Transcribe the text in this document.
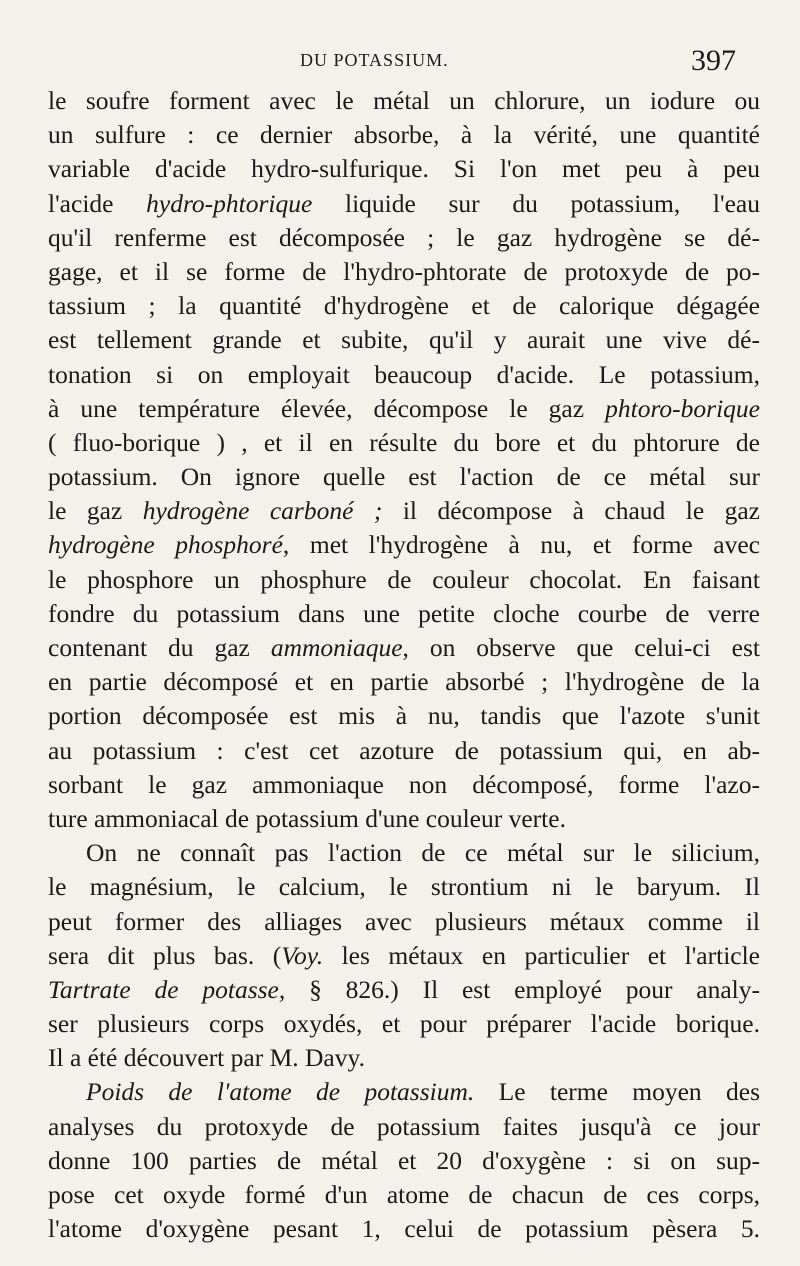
DU POTASSIUM.	397
le soufre forment avec le métal un chlorure, un iodure ou
un sulfure : ce dernier absorbe, à la vérité, une quantité
variable d'acide hydro-sulfurique. Si l'on met peu à peu
l'acide hydro-phtorique liquide sur du potassium, l'eau
qu'il renferme est décomposée ; le gaz hydrogène se dé-
gage, et il se forme de l'hydro-phtorate de protoxyde de po-
tassium ; la quantité d'hydrogène et de calorique dégagée
est tellement grande et subite, qu'il y aurait une vive dé-
tonation si on employait beaucoup d'acide. Le potassium,
à une température élevée, décompose le gaz phtoro-borique
( fluo-borique ) , et il en résulte du bore et du phtorure de
potassium. On ignore quelle est l'action de ce métal sur
le gaz hydrogène carboné ; il décompose à chaud le gaz
hydrogène phosphoré, met l'hydrogène à nu, et forme avec
le phosphore un phosphure de couleur chocolat. En faisant
fondre du potassium dans une petite cloche courbe de verre
contenant du gaz ammoniaque, on observe que celui-ci est
en partie décomposé et en partie absorbé ; l'hydrogène de la
portion décomposée est mis à nu, tandis que l'azote s'unit
au potassium : c'est cet azoture de potassium qui, en ab-
sorbant le gaz ammoniaque non décomposé, forme l'azo-
ture ammoniacal de potassium d'une couleur verte.
On ne connaît pas l'action de ce métal sur le silicium,
le magnésium, le calcium, le strontium ni le baryum. Il
peut former des alliages avec plusieurs métaux comme il
sera dit plus bas. (Voy. les métaux en particulier et l'article
Tartrate de potasse, § 826.) Il est employé pour analy-
ser plusieurs corps oxydés, et pour préparer l'acide borique.
Il a été découvert par M. Davy.
Poids de l'atome de potassium. Le terme moyen des
analyses du protoxyde de potassium faites jusqu'à ce jour
donne 100 parties de métal et 20 d'oxygène : si on sup-
pose cet oxyde formé d'un atome de chacun de ces corps,
l'atome d'oxygène pesant 1, celui de potassium pèsera 5.
